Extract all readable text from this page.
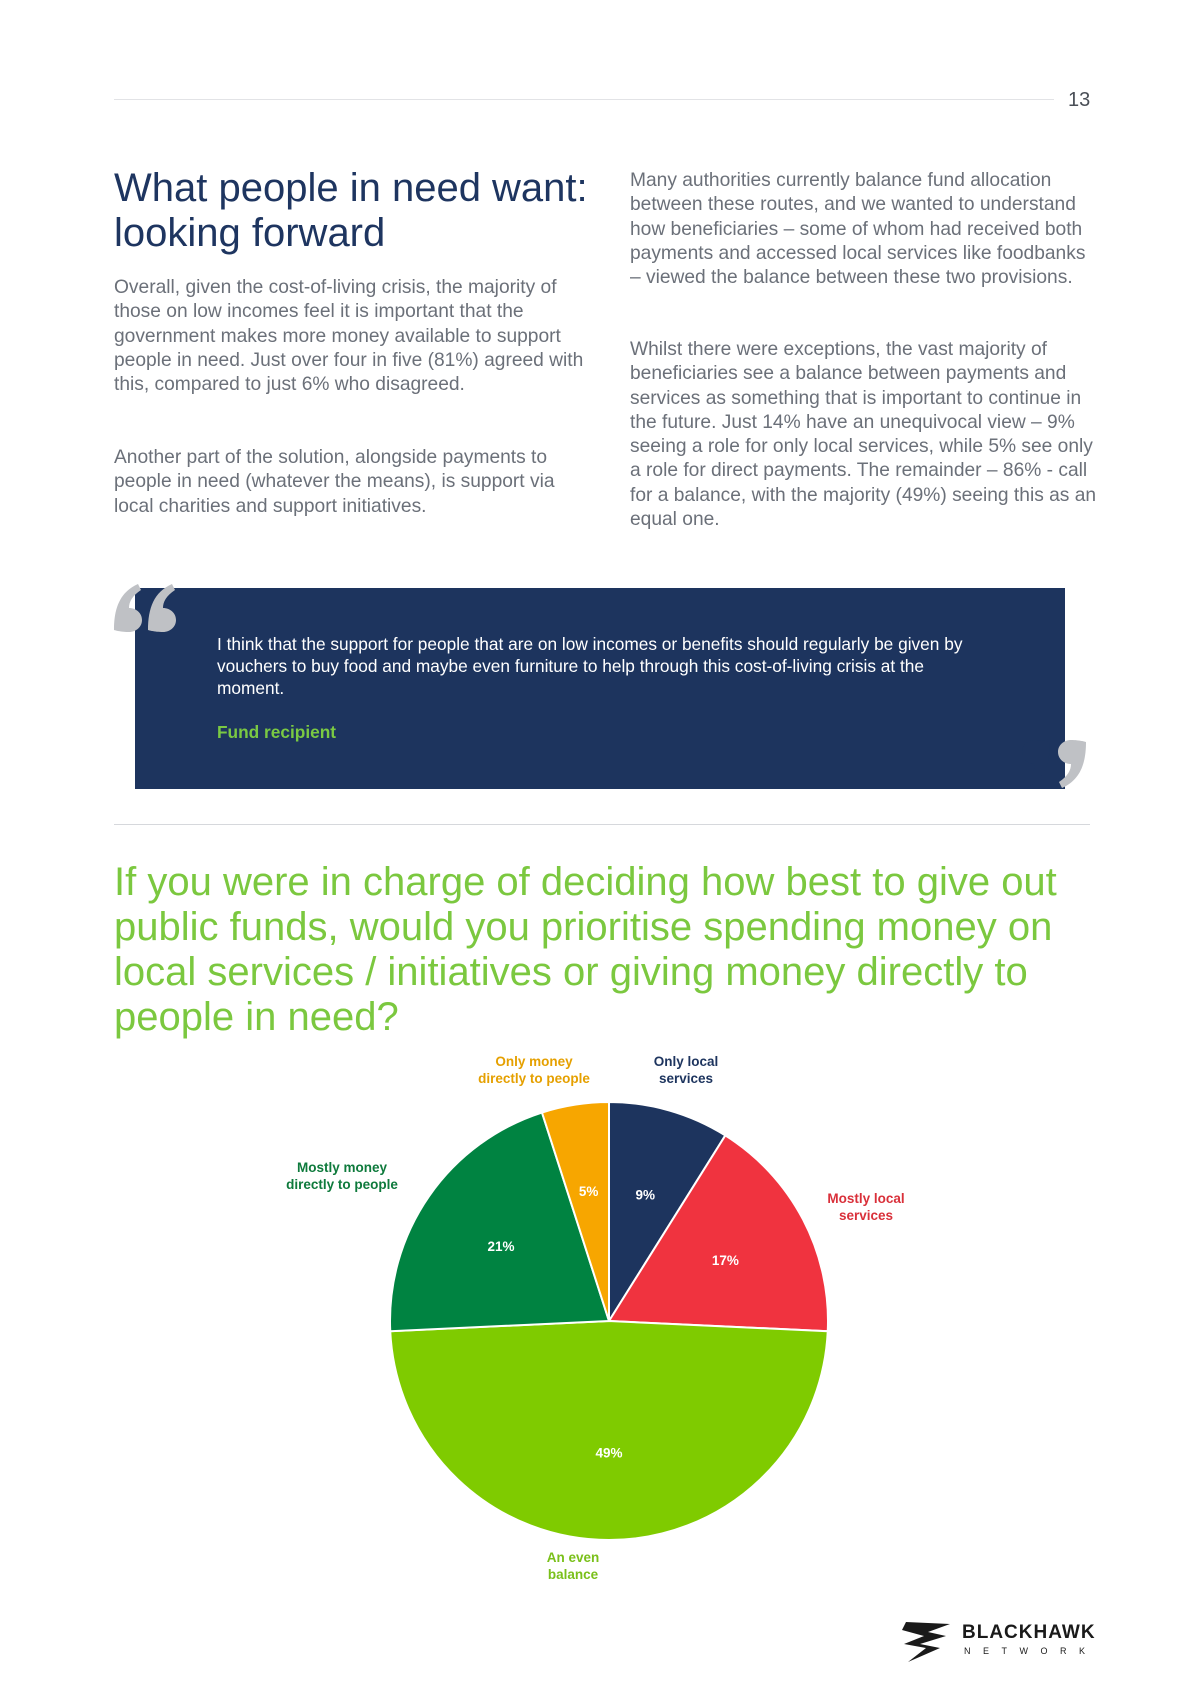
13
What people in need want: looking forward

Overall, given the cost-of-living crisis, the majority of those on low incomes feel it is important that the government makes more money available to support people in need. Just over four in five (81%) agreed with this, compared to just 6% who disagreed.

Another part of the solution, alongside payments to people in need (whatever the means), is support via local charities and support initiatives.

Many authorities currently balance fund allocation between these routes, and we wanted to understand how beneficiaries – some of whom had received both payments and accessed local services like foodbanks – viewed the balance between these two provisions.

Whilst there were exceptions, the vast majority of beneficiaries see a balance between payments and services as something that is important to continue in the future. Just 14% have an unequivocal view – 9% seeing a role for only local services, while 5% see only a role for direct payments. The remainder – 86% - call for a balance, with the majority (49%) seeing this as an equal one.

I think that the support for people that are on low incomes or benefits should regularly be given by vouchers to buy food and maybe even furniture to help through this cost-of-living crisis at the moment.

Fund recipient
If you were in charge of deciding how best to give out public funds, would you prioritise spending money on local services / initiatives or giving money directly to people in need?
9%
Only local services
17%
Mostly local services
49%
An even balance
21%
Mostly money directly to people	5%
Only money directly to people
BLACKHAWK
NETWORK
